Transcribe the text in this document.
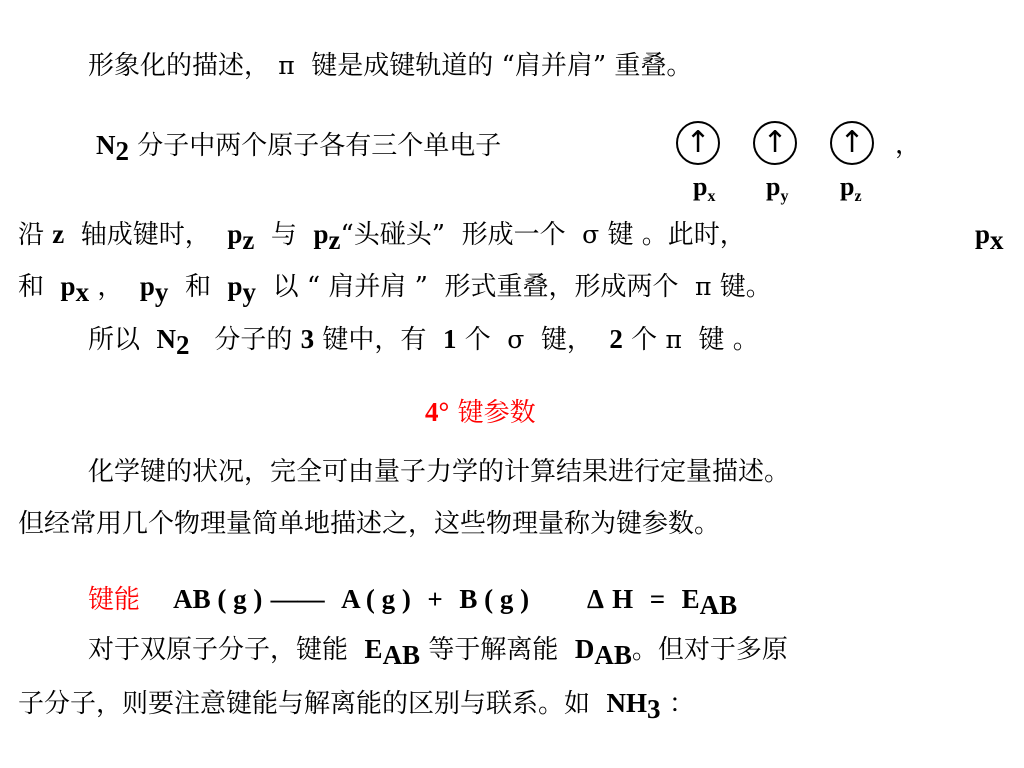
形象化的描述， π 键是成键轨道的 “肩并肩” 重叠。
$N_2$ 分子中两个原子各有三个单电子	，
↑ ↑ ↑
$p_x$ $p_y$ $p_z$
沿 z 轴成键时， $p_z$ 与 $p_z“$头碰头” 形成一个 σ 键 。此时，	$p_x$
和 $p_x$ ， $p_y$ 和 $p_y$ 以 “ 肩并肩 ” 形式重叠，形成两个 π 键。
所以 $N_2$ 分子的 3 键中，有 1 个 σ 键， 2 个 π 键 。
4° 键参数
化学键的状况，完全可由量子力学的计算结果进行定量描述。
但经常用几个物理量简单地描述之，这些物理量称为键参数。
键能 AB ( g ) —— A ( g ) + B ( g ) Δ $H = E_{AB}$
对于双原子分子，键能 $E_{AB}$ 等于解离能 $D_{AB}$。但对于多原
子分子，则要注意键能与解离能的区别与联系。如 $NH_3$ ：
